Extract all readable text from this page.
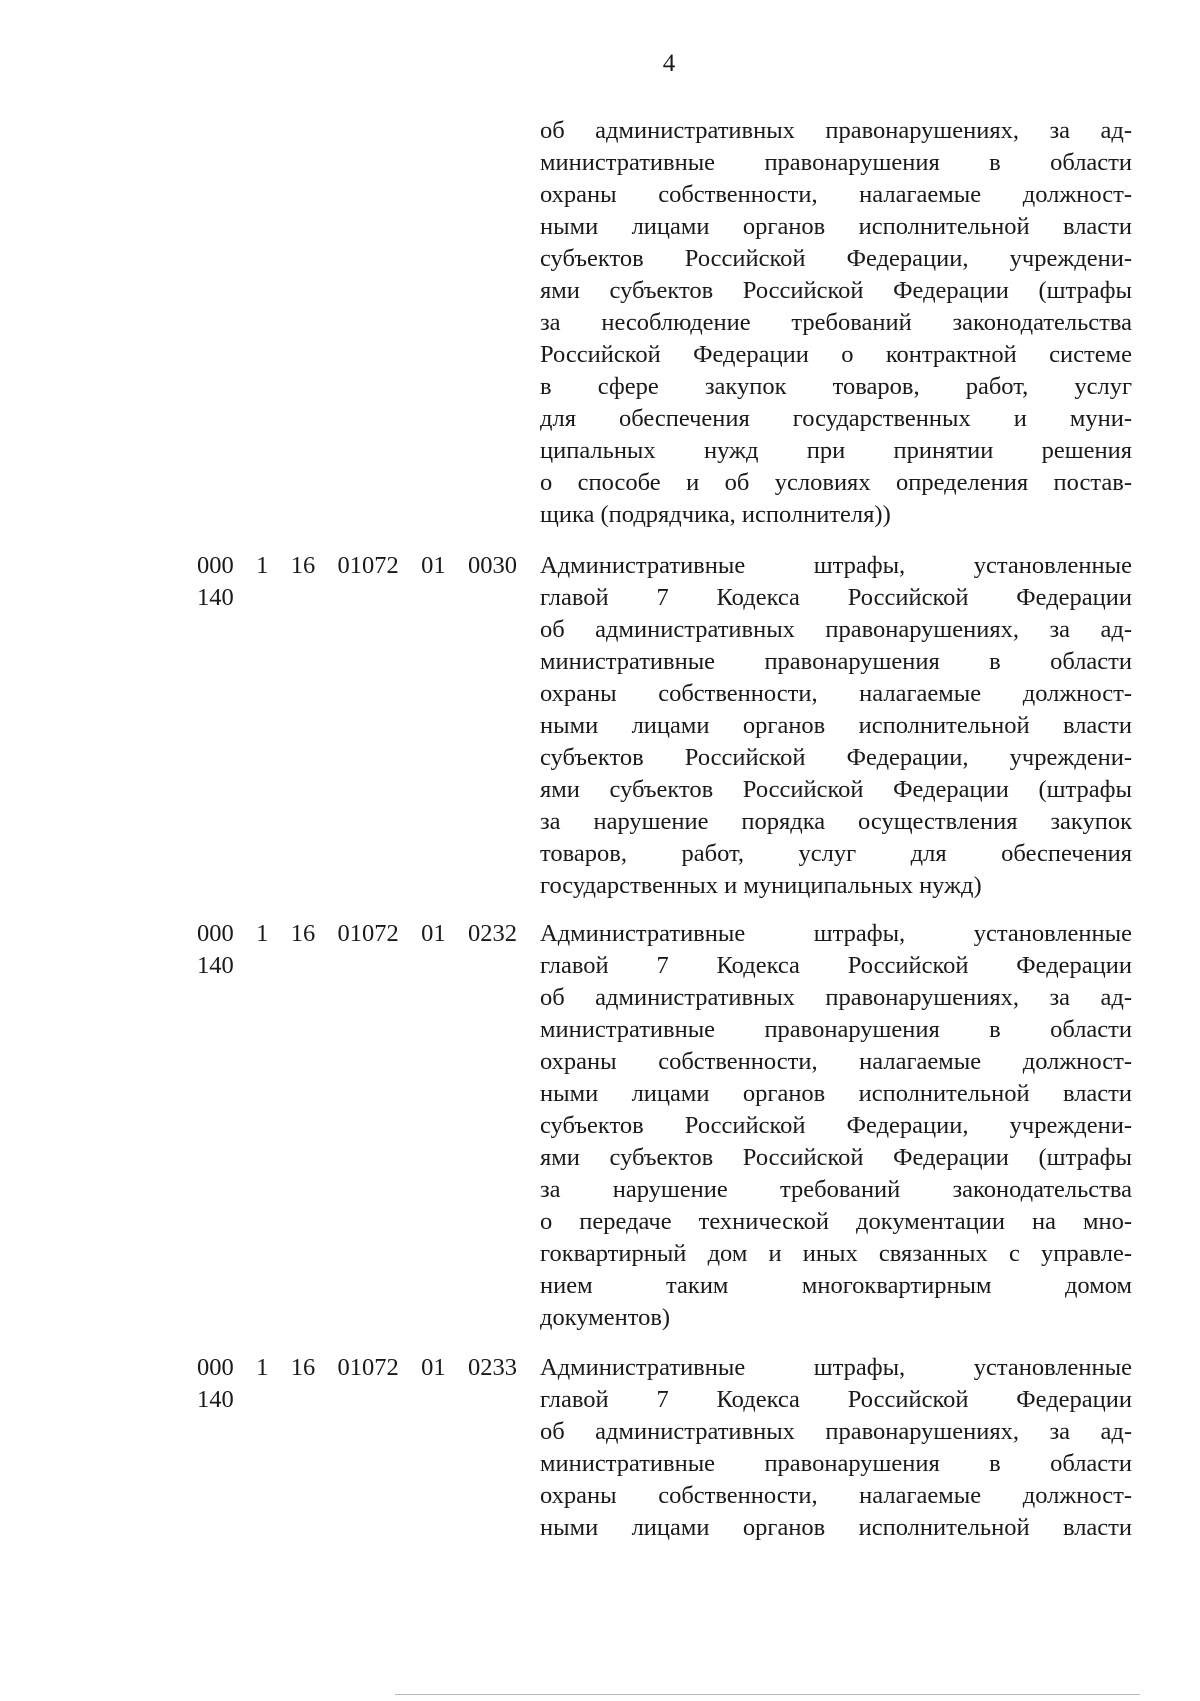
4
об административных правонарушениях, за ад-
министративные правонарушения в области
охраны собственности, налагаемые должност-
ными лицами органов исполнительной власти
субъектов Российской Федерации, учреждени-
ями субъектов Российской Федерации (штрафы
за несоблюдение требований законодательства
Российской Федерации о контрактной системе
в сфере закупок товаров, работ, услуг
для обеспечения государственных и муни-
ципальных нужд при принятии решения
о способе и об условиях определения постав-
щика (подрядчика, исполнителя))
000 1 16 01072 01 0030
140
Административные штрафы, установленные
главой 7 Кодекса Российской Федерации
об административных правонарушениях, за ад-
министративные правонарушения в области
охраны собственности, налагаемые должност-
ными лицами органов исполнительной власти
субъектов Российской Федерации, учреждени-
ями субъектов Российской Федерации (штрафы
за нарушение порядка осуществления закупок
товаров, работ, услуг для обеспечения
государственных и муниципальных нужд)
000 1 16 01072 01 0232
140
Административные штрафы, установленные
главой 7 Кодекса Российской Федерации
об административных правонарушениях, за ад-
министративные правонарушения в области
охраны собственности, налагаемые должност-
ными лицами органов исполнительной власти
субъектов Российской Федерации, учреждени-
ями субъектов Российской Федерации (штрафы
за нарушение требований законодательства
о передаче технической документации на мно-
гоквартирный дом и иных связанных с управле-
нием таким многоквартирным домом
документов)
000 1 16 01072 01 0233
140
Административные штрафы, установленные
главой 7 Кодекса Российской Федерации
об административных правонарушениях, за ад-
министративные правонарушения в области
охраны собственности, налагаемые должност-
ными лицами органов исполнительной власти
